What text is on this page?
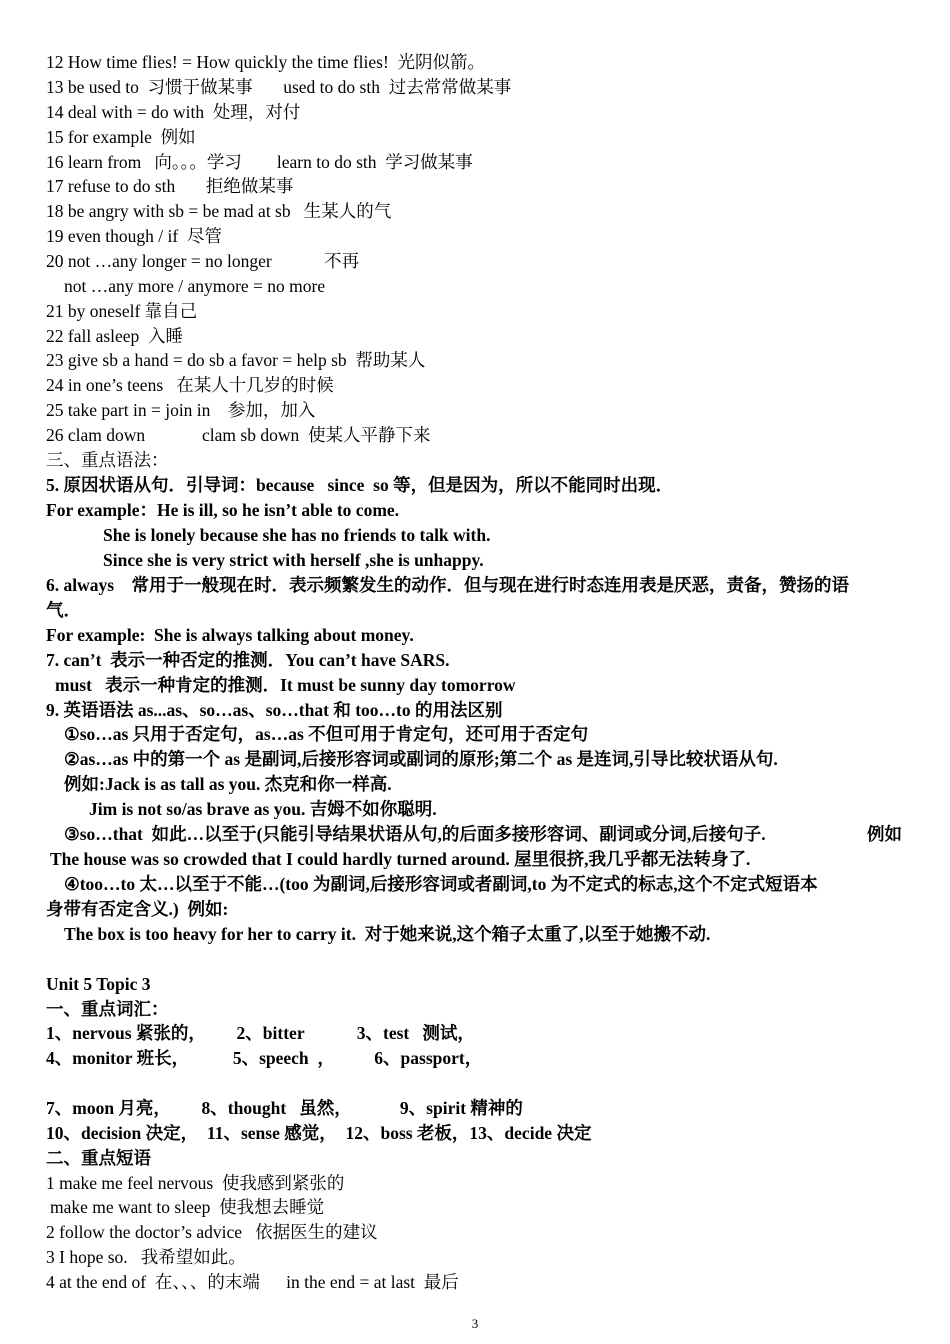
12 How time flies! = How quickly the time flies!  光阴似箭。
13 be used to  习惯于做某事       used to do sth  过去常常做某事
14 deal with = do with  处理，对付
15 for example  例如
16 learn from   向。。。学习        learn to do sth  学习做某事
17 refuse to do sth       拒绝做某事
18 be angry with sb = be mad at sb   生某人的气
19 even though / if  尽管
20 not …any longer = no longer            不再
not …any more / anymore = no more
21 by oneself 靠自己
22 fall asleep  入睡
23 give sb a hand = do sb a favor = help sb  帮助某人
24 in one’s teens   在某人十几岁的时候
25 take part in = join in    参加，加入
26 clam down             clam sb down  使某人平静下来
三、重点语法：
5. 原因状语从句．引导词：because   since  so 等，但是因为，所以不能同时出现．
For example：He is ill, so he isn’t able to come.
She is lonely because she has no friends to talk with.
Since she is very strict with herself ,she is unhappy.
6. always    常用于一般现在时．表示频繁发生的动作．但与现在进行时态连用表是厌恶，责备，赞扬的语
气．
For example:  She is always talking about money.
7. can’t  表示一种否定的推测．You can’t have SARS.
must   表示一种肯定的推测．It must be sunny day tomorrow
9. 英语语法 as...as、so…as、so…that 和 too…to 的用法区别
①so…as 只用于否定句，as…as 不但可用于肯定句，还可用于否定句
②as…as 中的第一个 as 是副词,后接形容词或副词的原形;第二个 as 是连词,引导比较状语从句.
例如:Jack is as tall as you. 杰克和你一样高.
Jim is not so/as brave as you. 吉姆不如你聪明.
③so…that  如此…以至于(只能引导结果状语从句,的后面多接形容词、副词或分词,后接句子.	例如
The house was so crowded that I could hardly turned around. 屋里很挤,我几乎都无法转身了.
④too…to 太…以至于不能…(too 为副词,后接形容词或者副词,to 为不定式的标志,这个不定式短语本
身带有否定含义.)  例如:
The box is too heavy for her to carry it.  对于她来说,这个箱子太重了,以至于她搬不动.
Unit 5 Topic 3
一、重点词汇：
1、nervous 紧张的，       2、bitter            3、test   测试，
4、monitor 班长，          5、speech  ，         6、passport，
7、moon 月亮，       8、thought   虽然，           9、spirit 精神的
10、decision 决定，  11、sense 感觉，  12、boss 老板，13、decide 决定
二、重点短语
1 make me feel nervous  使我感到紧张的
make me want to sleep  使我想去睡觉
2 follow the doctor’s advice   依据医生的建议
3 I hope so.   我希望如此。
4 at the end of  在、、、的末端      in the end = at last  最后
3
